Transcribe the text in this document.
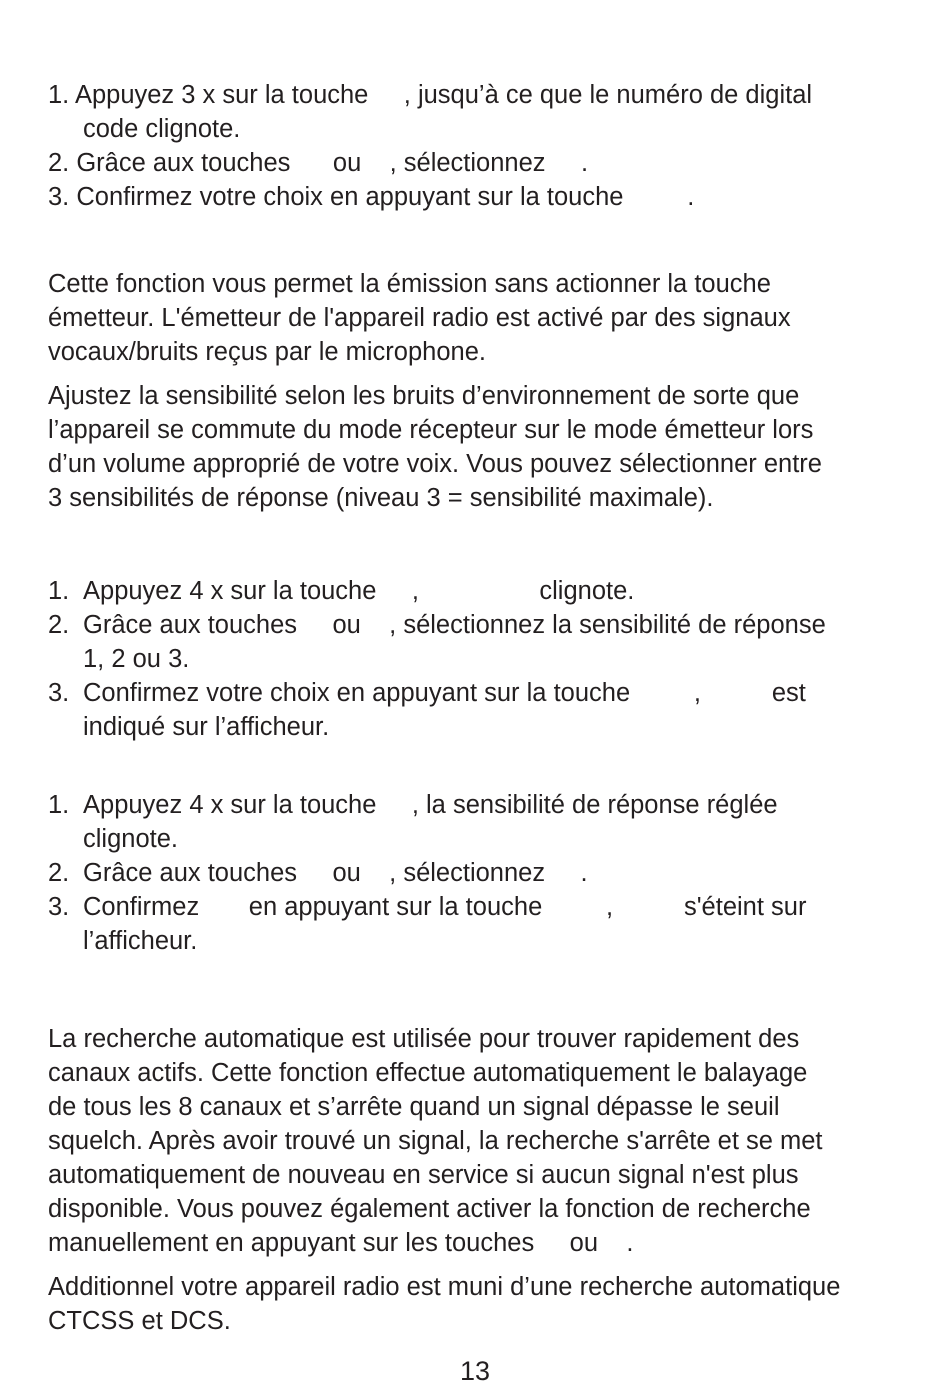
1. Appuyez 3 x sur la touche     , jusqu’à ce que le numéro de digital
code clignote.
2. Grâce aux touches      ou    , sélectionnez     .
3. Confirmez votre choix en appuyant sur la touche         .
Cette fonction vous permet la émission sans actionner la touche
émetteur. L'émetteur de l'appareil radio est activé par des signaux
vocaux/bruits reçus par le microphone.
Ajustez la sensibilité selon les bruits d’environnement de sorte que
l’appareil se commute du mode récepteur sur le mode émetteur lors
d’un volume approprié de votre voix. Vous pouvez sélectionner entre
3 sensibilités de réponse (niveau 3 = sensibilité maximale).
1. Appuyez 4 x sur la touche     ,                 clignote.
2. Grâce aux touches     ou    , sélectionnez la sensibilité de réponse
1, 2 ou 3.
3. Confirmez votre choix en appuyant sur la touche         ,          est
indiqué sur l’afficheur.
1. Appuyez 4 x sur la touche     , la sensibilité de réponse réglée
clignote.
2. Grâce aux touches     ou    , sélectionnez     .
3. Confirmez       en appuyant sur la touche         ,          s'éteint sur
l’afficheur.
La recherche automatique est utilisée pour trouver rapidement des
canaux actifs. Cette fonction effectue automatiquement le balayage
de tous les 8 canaux et s’arrête quand un signal dépasse le seuil
squelch. Après avoir trouvé un signal, la recherche s'arrête et se met
automatiquement de nouveau en service si aucun signal n'est plus
disponible. Vous pouvez également activer la fonction de recherche
manuellement en appuyant sur les touches     ou    .
Additionnel votre appareil radio est muni d’une recherche automatique
CTCSS et DCS.
13
